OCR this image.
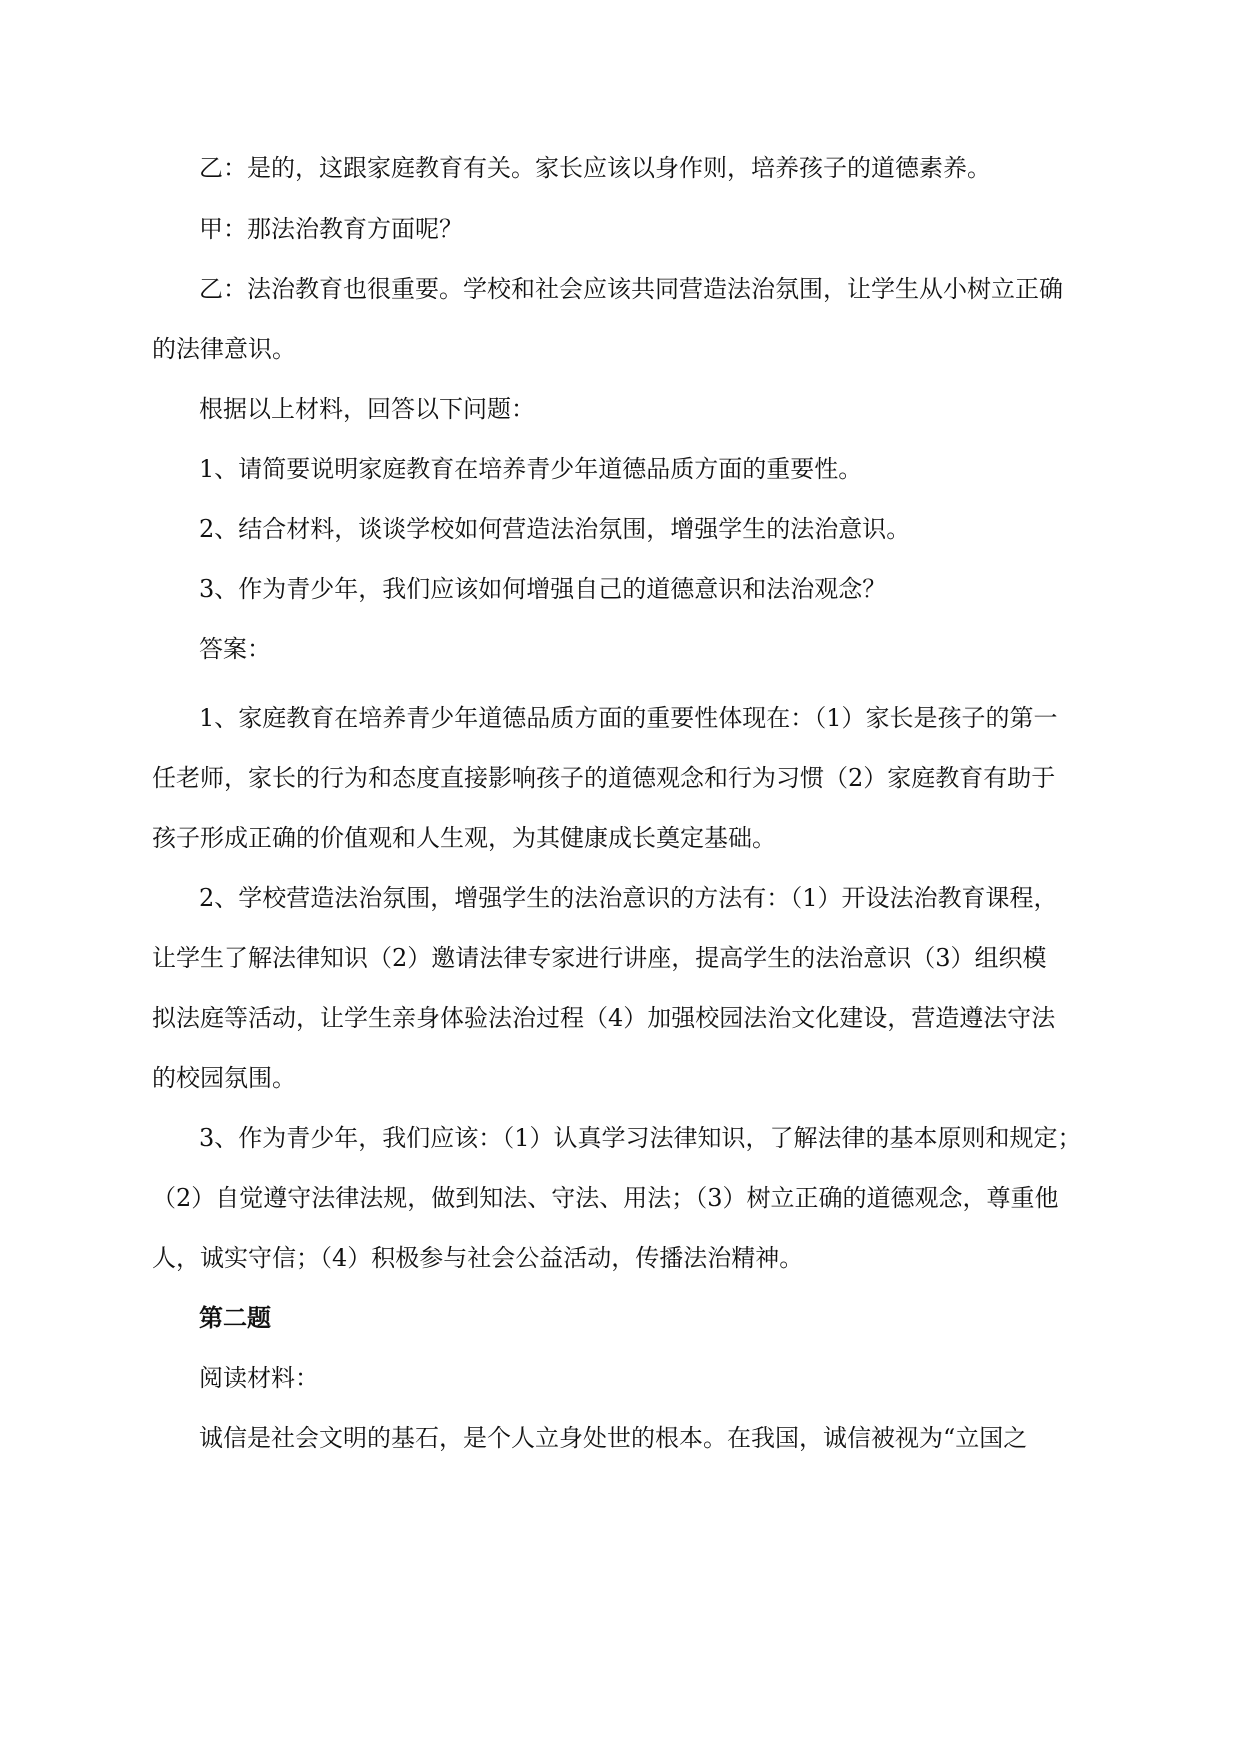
乙：是的，这跟家庭教育有关。家长应该以身作则，培养孩子的道德素养。
甲：那法治教育方面呢？
乙：法治教育也很重要。学校和社会应该共同营造法治氛围，让学生从小树立正确
的法律意识。
根据以上材料，回答以下问题：
1、请简要说明家庭教育在培养青少年道德品质方面的重要性。
2、结合材料，谈谈学校如何营造法治氛围，增强学生的法治意识。
3、作为青少年，我们应该如何增强自己的道德意识和法治观念？
答案：
1、家庭教育在培养青少年道德品质方面的重要性体现在：（1）家长是孩子的第一
任老师，家长的行为和态度直接影响孩子的道德观念和行为习惯（2）家庭教育有助于
孩子形成正确的价值观和人生观，为其健康成长奠定基础。
2、学校营造法治氛围，增强学生的法治意识的方法有：（1）开设法治教育课程，
让学生了解法律知识（2）邀请法律专家进行讲座，提高学生的法治意识（3）组织模
拟法庭等活动，让学生亲身体验法治过程（4）加强校园法治文化建设，营造遵法守法
的校园氛围。
3、作为青少年，我们应该：（1）认真学习法律知识，了解法律的基本原则和规定；
（2）自觉遵守法律法规，做到知法、守法、用法；（3）树立正确的道德观念，尊重他
人，诚实守信；（4）积极参与社会公益活动，传播法治精神。
第二题
阅读材料：
诚信是社会文明的基石，是个人立身处世的根本。在我国，诚信被视为“立国之
